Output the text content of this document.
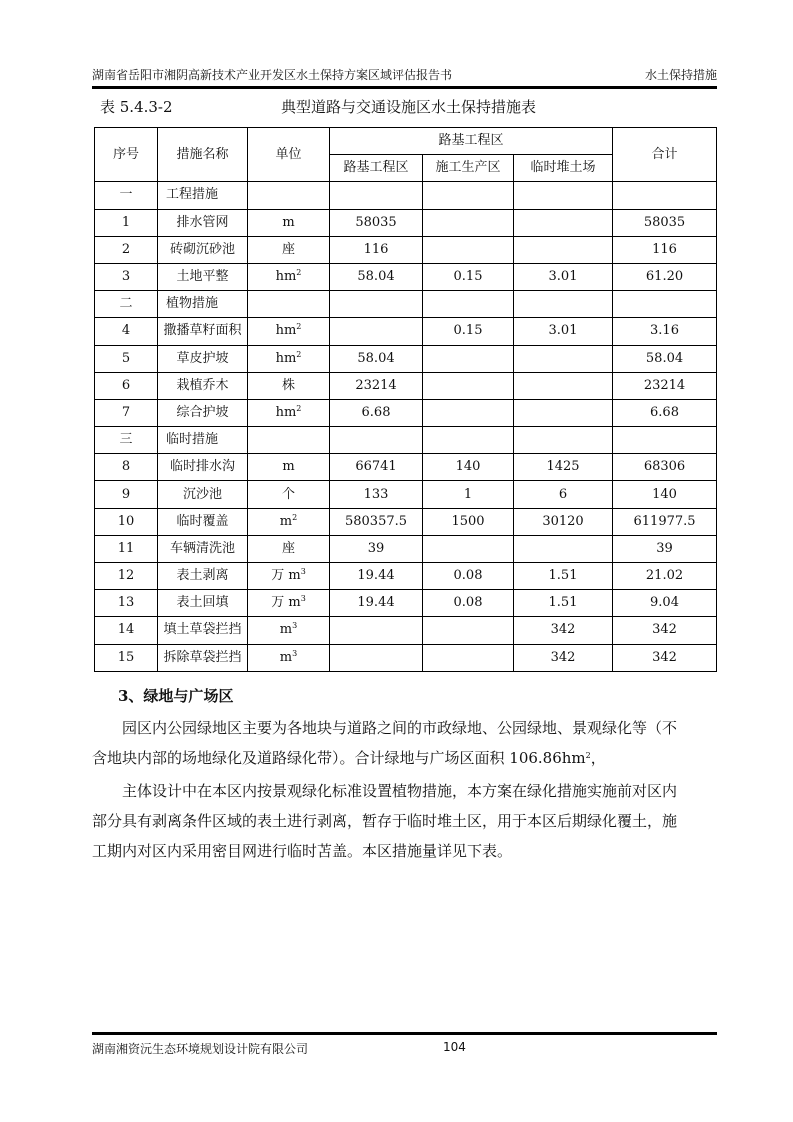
湖南省岳阳市湘阴高新技术产业开发区水土保持方案区域评估报告书	水土保持措施
表 5.4.3-2	典型道路与交通设施区水土保持措施表
序号	措施名称	单位	路基工程区			合计
			路基工程区	施工生产区	临时堆土场	
一	工程措施					
1	排水管网	m	58035			58035
2	砖砌沉砂池	座	116			116
3	土地平整	$hm^2$	58.04	0.15	3.01	61.20
二	植物措施					
4	撒播草籽面积	$hm^2$		0.15	3.01	3.16
5	草皮护坡	$hm^2$	58.04			58.04
6	栽植乔木	株	23214			23214
7	综合护坡	$hm^2$	6.68			6.68
三	临时措施					
8	临时排水沟	m	66741	140	1425	68306
9	沉沙池	个	133	1	6	140
10	临时覆盖	$m^2$	580357.5	1500	30120	611977.5
11	车辆清洗池	座	39			39
12	表土剥离	万 $m^3$	19.44	0.08	1.51	21.02
13	表土回填	万 $m^3$	19.44	0.08	1.51	9.04
14	填土草袋拦挡	$m^3$			342	342
15	拆除草袋拦挡	$m^3$			342	342
3、绿地与广场区
园区内公园绿地区主要为各地块与道路之间的市政绿地、公园绿地、景观绿化等（不
含地块内部的场地绿化及道路绿化带）。合计绿地与广场区面积 $106.86hm^2$，
主体设计中在本区内按景观绿化标准设置植物措施，本方案在绿化措施实施前对区内
部分具有剥离条件区域的表土进行剥离，暂存于临时堆土区，用于本区后期绿化覆土，施
工期内对区内采用密目网进行临时苫盖。本区措施量详见下表。
湖南湘资沅生态环境规划设计院有限公司	104
